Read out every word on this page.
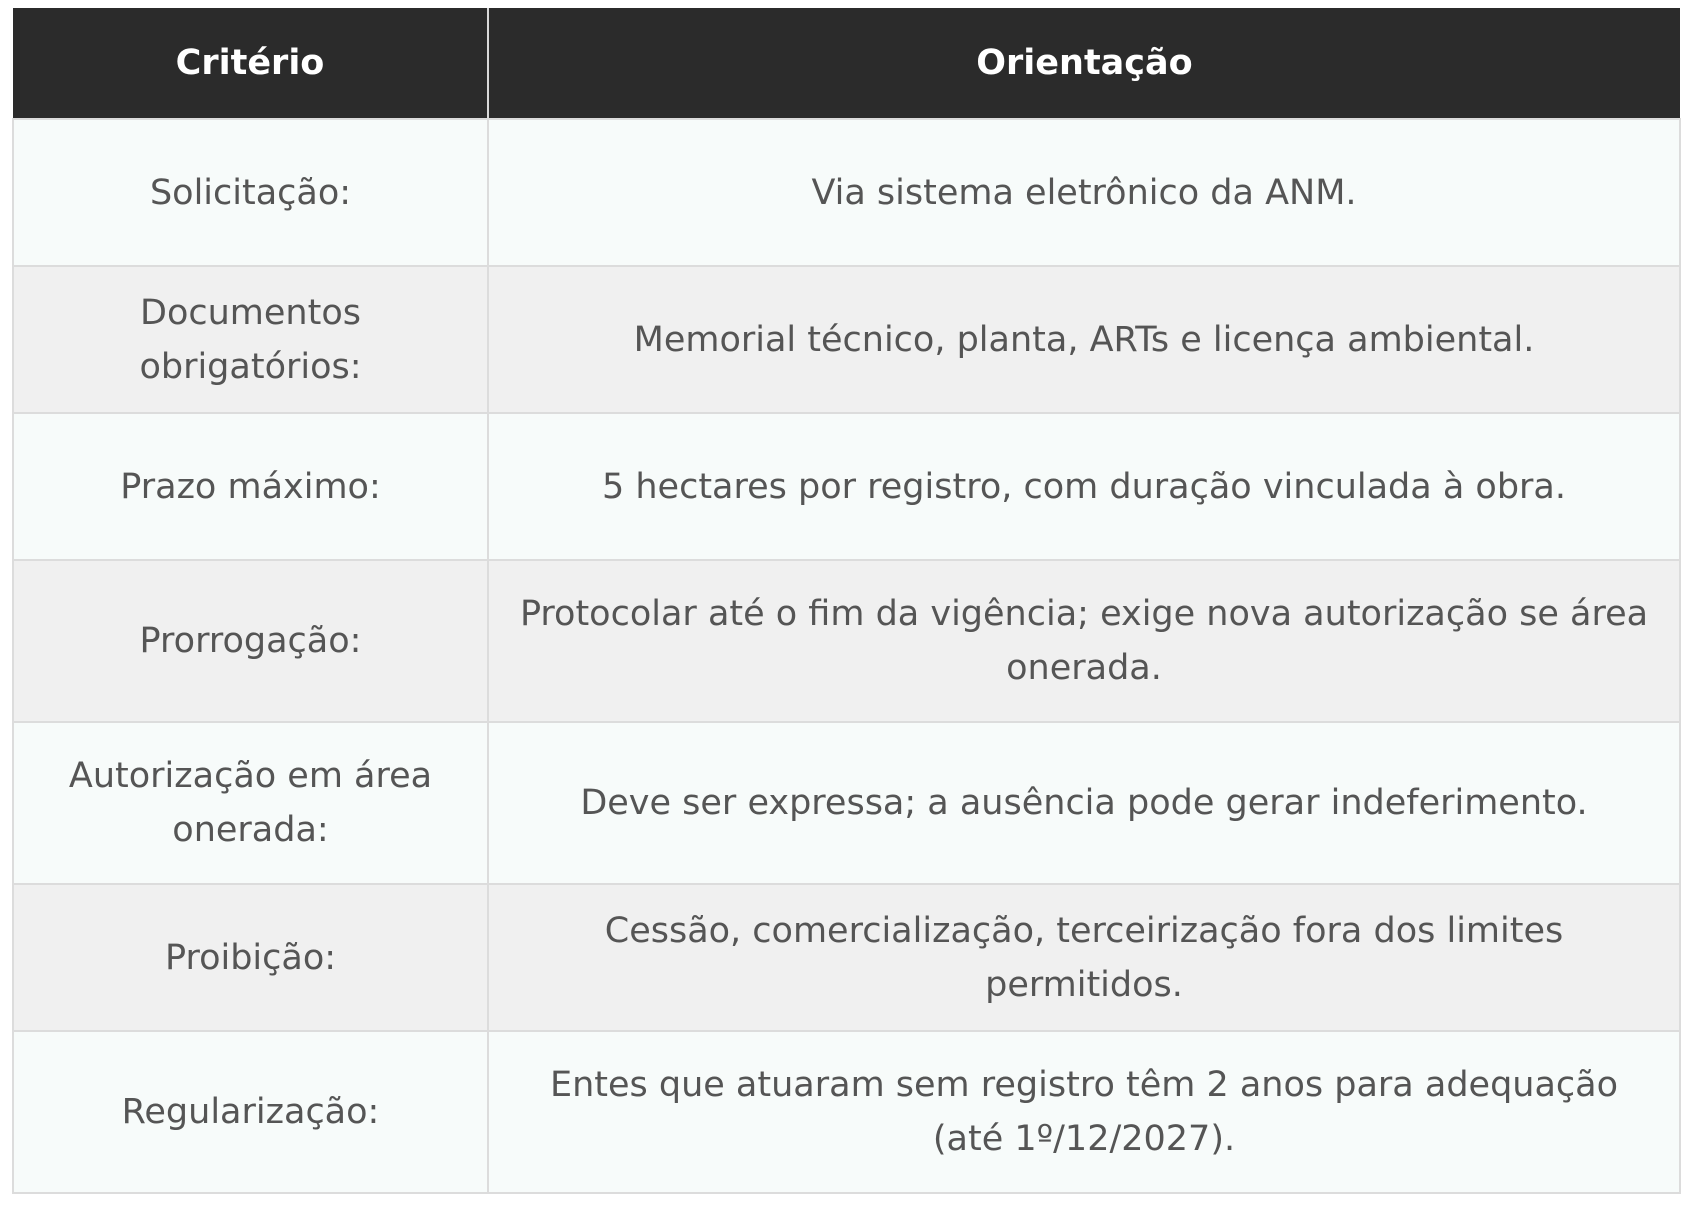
Critério	Orientação
Solicitação:	Via sistema eletrônico da ANM.
Documentos obrigatórios:	Memorial técnico, planta, ARTs e licença ambiental.
Prazo máximo:	5 hectares por registro, com duração vinculada à obra.
Prorrogação:	Protocolar até o fim da vigência; exige nova autorização se área onerada.
Autorização em área onerada:	Deve ser expressa; a ausência pode gerar indeferimento.
Proibição:	Cessão, comercialização, terceirização fora dos limites permitidos.
Regularização:	Entes que atuaram sem registro têm 2 anos para adequação (até 1º/12/2027).
